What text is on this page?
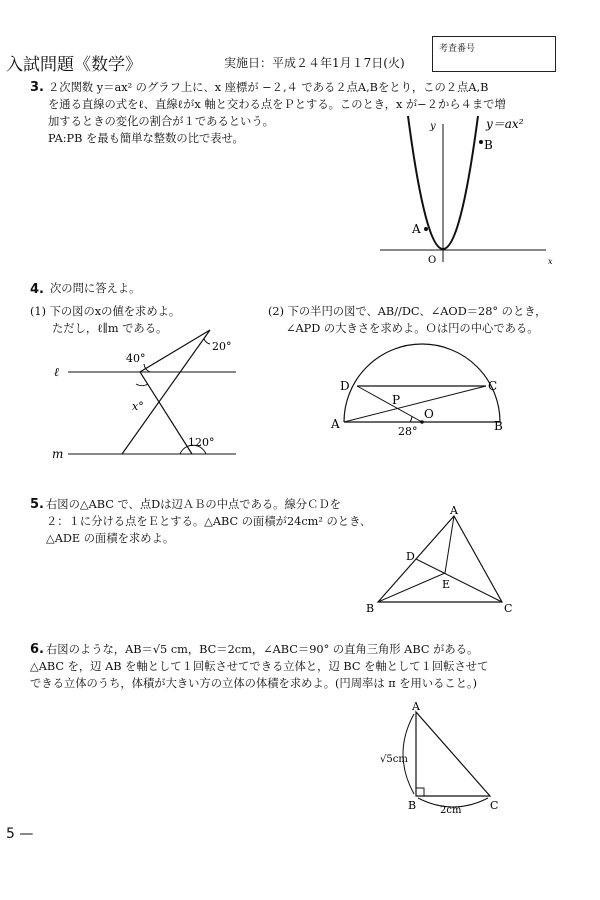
入試問題《数学》	実施日：平成２４年1月１7日(火)
考査番号
3. ２次関数 y＝ax² のグラフ上に、x 座標が −２,４ である２点A,Bをとり，この２点A,B
を通る直線の式をℓ、直線ℓがx 軸と交わる点をＰとする。このとき，x が−２から４まで増
加するときの変化の割合が１であるという。
PA:PB を最も簡単な整数の比で表せ。
y
x
O
A
B
y＝ax²
4. 次の問に答えよ。
(1) 下の図のxの値を求めよ。
ただし，ℓ∥m である。
(2) 下の半円の図で、AB//DC、∠AOD＝28° のとき，
∠APD の大きさを求めよ。Ｏは円の中心である。
ℓ
m
40°
20°
x°
120°
D	C
P
O
A	B
28°
5. 右図の△ABC で、点Dは辺ＡＢの中点である。線分ＣＤを
２：１に分ける点をＥとする。△ABC の面積が24cm² のとき、
△ADE の面積を求めよ。
A
B	C
D
E
6. 右図のような，AB＝√5 cm，BC＝2cm，∠ABC＝90° の直角三角形 ABC がある。
△ABC を，辺 AB を軸として１回転させてできる立体と，辺 BC を軸として１回転させて
できる立体のうち，体積が大きい方の立体の体積を求めよ。(円周率は π を用いること。)
A
B	C
√5cm
2cm
5 —
